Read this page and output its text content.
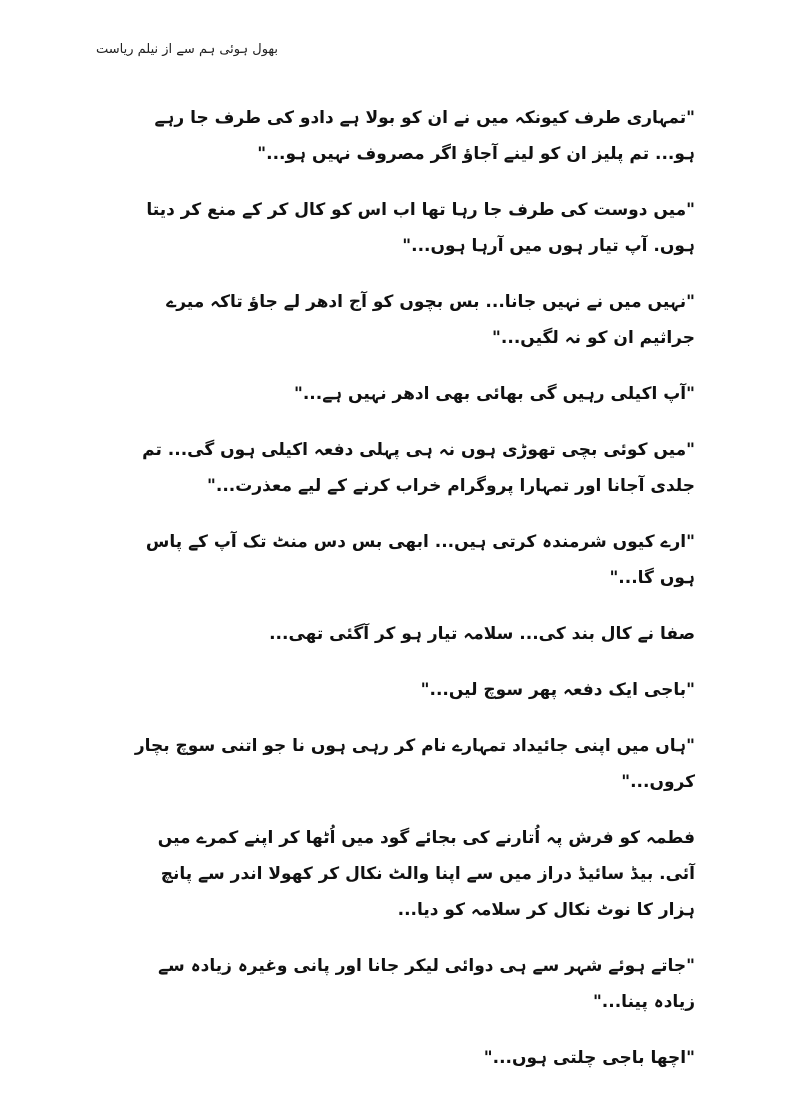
بھول ہوئی ہم سے از نیلم ریاست

"تمہاری طرف کیونکہ میں نے ان کو بولا ہے دادو کی طرف جا رہے ہو... تم پلیز ان کو لینے آجاؤ اگر مصروف نہیں ہو..."

"میں دوست کی طرف جا رہا تھا اب اس کو کال کر کے منع کر دیتا ہوں. آپ تیار ہوں میں آرہا ہوں..."

"نہیں میں نے نہیں جانا... بس بچوں کو آج ادھر لے جاؤ تاکہ میرے جراثیم ان کو نہ لگیں..."

"آپ اکیلی رہیں گی بھائی بھی ادھر نہیں ہے..."

"میں کوئی بچی تھوڑی ہوں نہ ہی پہلی دفعہ اکیلی ہوں گی... تم جلدی آجانا اور تمہارا پروگرام خراب کرنے کے لیے معذرت..."

"ارے کیوں شرمندہ کرتی ہیں... ابھی بس دس منٹ تک آپ کے پاس ہوں گا..."

صفا نے کال بند کی... سلامہ تیار ہو کر آگئی تھی...

"باجی ایک دفعہ پھر سوچ لیں..."

"ہاں میں اپنی جائیداد تمہارے نام کر رہی ہوں نا جو اتنی سوچ بچار کروں..."

فطمہ کو فرش پہ اُتارنے کی بجائے گود میں اُٹھا کر اپنے کمرے میں آئی. بیڈ سائیڈ دراز میں سے اپنا والٹ نکال کر کھولا اندر سے پانچ ہزار کا نوٹ نکال کر سلامہ کو دیا...

"جاتے ہوئے شہر سے ہی دوائی لیکر جانا اور پانی وغیرہ زیادہ سے زیادہ پینا..."

"اچھا باجی چلتی ہوں..."
